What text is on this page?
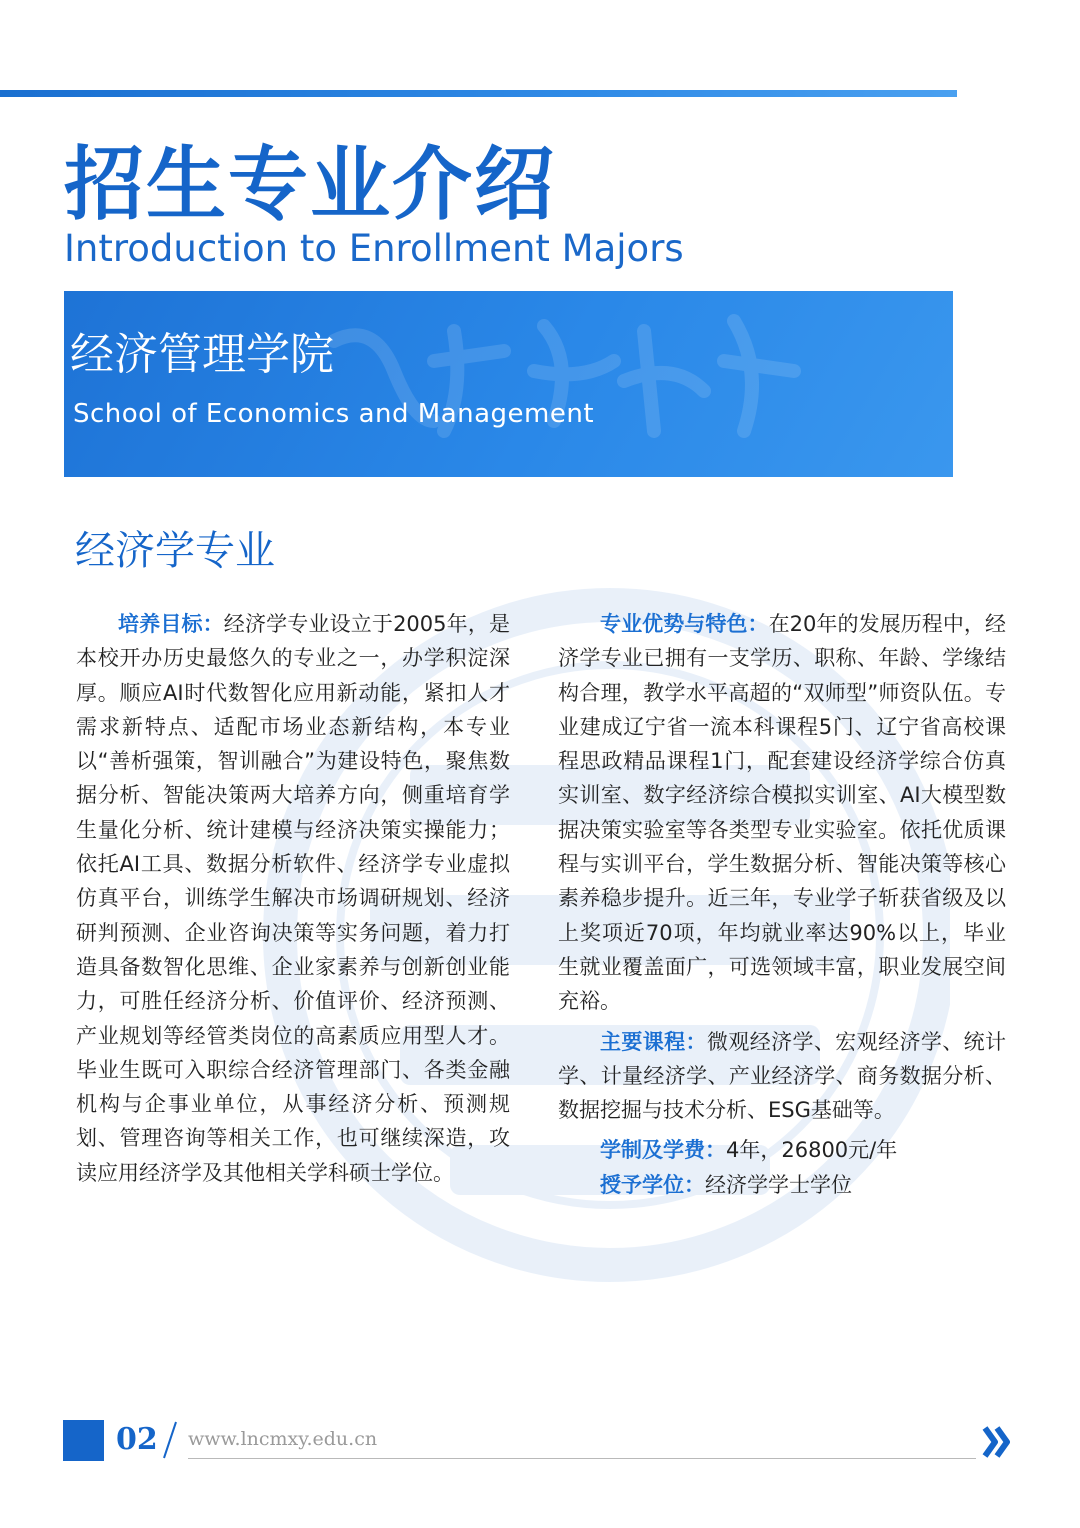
招生专业介绍
Introduction to Enrollment Majors
经济管理学院
School of Economics and Management
经济学专业
培养目标：经济学专业设立于2005年，是本校开办历史最悠久的专业之一，办学积淀深厚。顺应AI时代数智化应用新动能，紧扣人才需求新特点、适配市场业态新结构，本专业以“善析强策，智训融合”为建设特色，聚焦数据分析、智能决策两大培养方向，侧重培育学生量化分析、统计建模与经济决策实操能力；依托AI工具、数据分析软件、经济学专业虚拟仿真平台，训练学生解决市场调研规划、经济研判预测、企业咨询决策等实务问题，着力打造具备数智化思维、企业家素养与创新创业能力，可胜任经济分析、价值评价、经济预测、产业规划等经管类岗位的高素质应用型人才。毕业生既可入职综合经济管理部门、各类金融机构与企事业单位，从事经济分析、预测规划、管理咨询等相关工作，也可继续深造，攻读应用经济学及其他相关学科硕士学位。

专业优势与特色：在20年的发展历程中，经济学专业已拥有一支学历、职称、年龄、学缘结构合理，教学水平高超的“双师型”师资队伍。专业建成辽宁省一流本科课程5门、辽宁省高校课程思政精品课程1门，配套建设经济学综合仿真实训室、数字经济综合模拟实训室、AI大模型数据决策实验室等各类型专业实验室。依托优质课程与实训平台，学生数据分析、智能决策等核心素养稳步提升。近三年，专业学子斩获省级及以上奖项近70项，年均就业率达90%以上，毕业生就业覆盖面广，可选领域丰富，职业发展空间充裕。

主要课程：微观经济学、宏观经济学、统计学、计量经济学、产业经济学、商务数据分析、数据挖掘与技术分析、ESG基础等。

学制及学费：4年，26800元/年

授予学位：经济学学士学位

02 www.lncmxy.edu.cn
